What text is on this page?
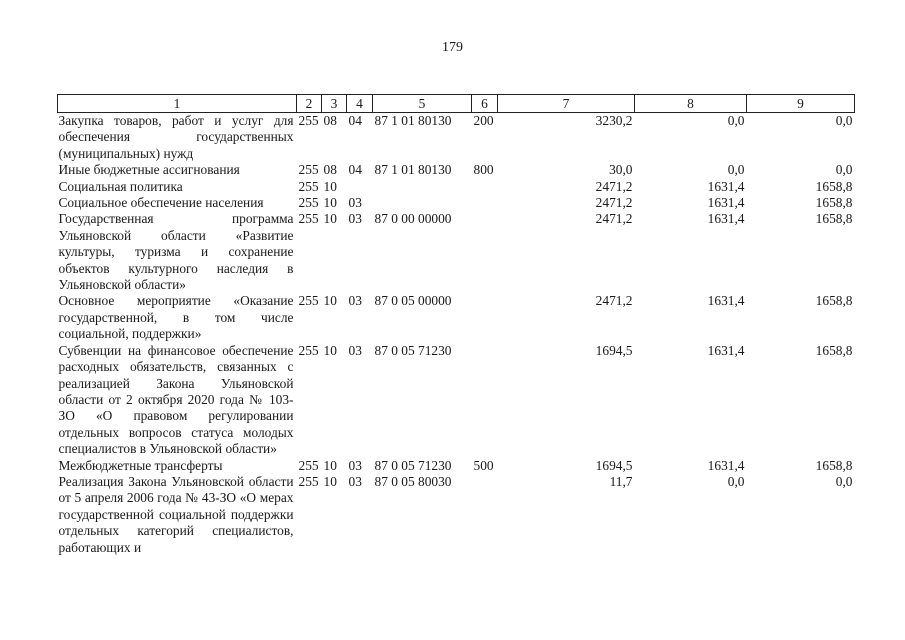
179
1	2	3	4	5	6	7	8	9
Закупка товаров, работ и услуг для обеспечения государственных (муниципальных) нужд	255	08	04	87 1 01 80130	200	3230,2	0,0	0,0
Иные бюджетные ассигнования	255	08	04	87 1 01 80130	800	30,0	0,0	0,0
Социальная политика	255	10				2471,2	1631,4	1658,8
Социальное обеспечение населения	255	10	03			2471,2	1631,4	1658,8
Государственная программа Ульяновской области «Развитие культуры, туризма и сохранение объектов культурного наследия в Ульяновской области»	255	10	03	87 0 00 00000		2471,2	1631,4	1658,8
Основное мероприятие «Оказание государственной, в том числе социальной, поддержки»	255	10	03	87 0 05 00000		2471,2	1631,4	1658,8
Субвенции на финансовое обеспечение расходных обязательств, связанных с реализацией Закона Ульяновской области от 2 октября 2020 года № 103-ЗО «О правовом регулировании отдельных вопросов статуса молодых специалистов в Ульяновской области»	255	10	03	87 0 05 71230		1694,5	1631,4	1658,8
Межбюджетные трансферты	255	10	03	87 0 05 71230	500	1694,5	1631,4	1658,8
Реализация Закона Ульяновской области от 5 апреля 2006 года № 43-ЗО «О мерах государственной социальной поддержки отдельных категорий специалистов, работающих и	255	10	03	87 0 05 80030		11,7	0,0	0,0
